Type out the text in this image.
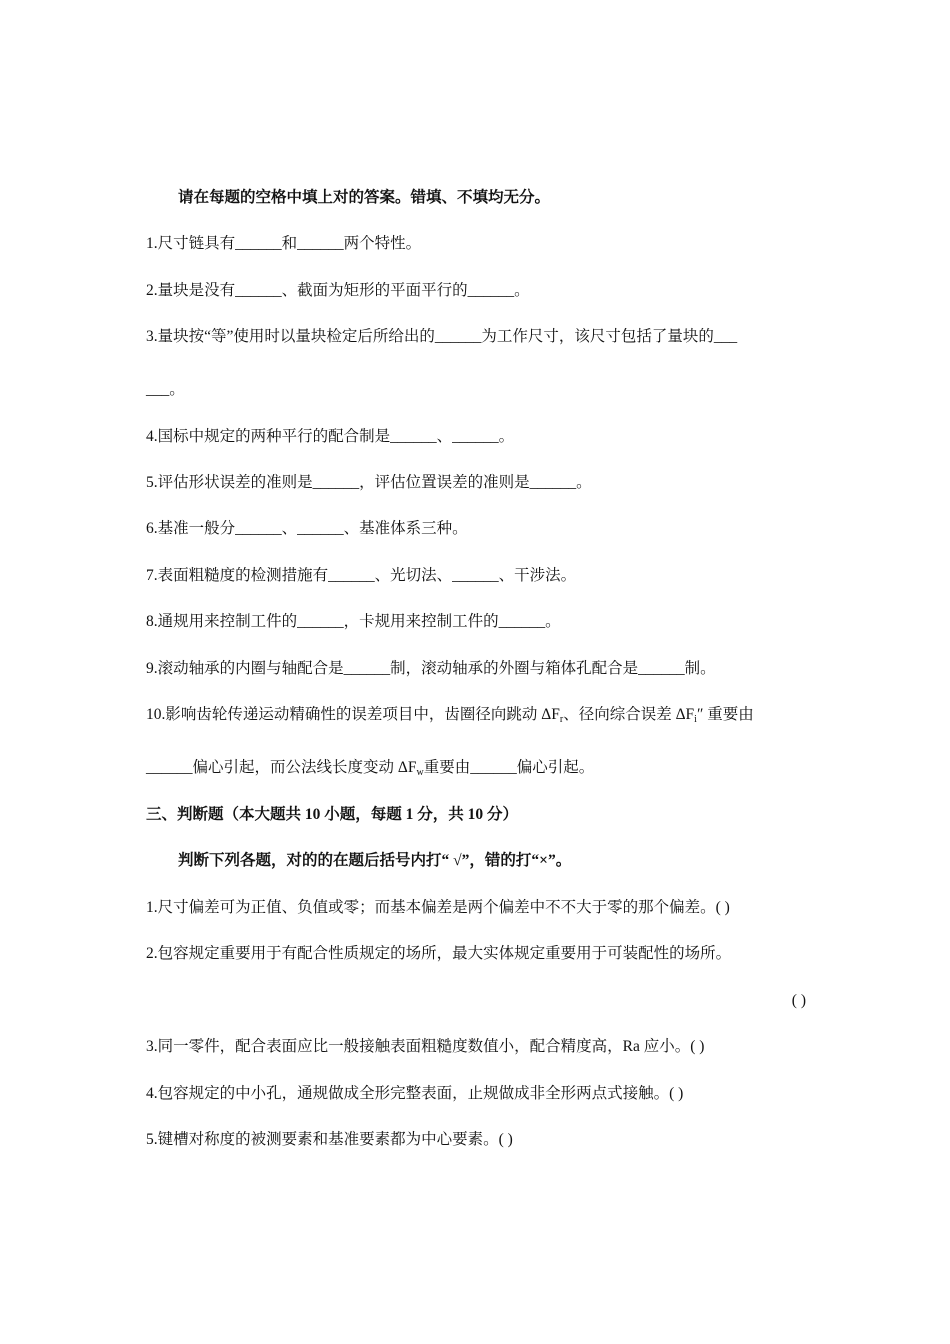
请在每题的空格中填上对的答案。错填、不填均无分。
1.尺寸链具有______和______两个特性。
2.量块是没有______、截面为矩形的平面平行的______。
3.量块按“等”使用时以量块检定后所给出的______为工作尺寸，该尺寸包括了量块的___
___。
4.国标中规定的两种平行的配合制是______、______。
5.评估形状误差的准则是______，评估位置误差的准则是______。
6.基准一般分______、______、基准体系三种。
7.表面粗糙度的检测措施有______、光切法、______、干涉法。
8.通规用来控制工件的______，卡规用来控制工件的______。
9.滚动轴承的内圈与轴配合是______制，滚动轴承的外圈与箱体孔配合是______制。
10.影响齿轮传递运动精确性的误差项目中，齿圈径向跳动 $\Delta F_r$、径向综合误差 $\Delta F_i''$ 重要由
______偏心引起，而公法线长度变动 $\Delta F_w$重要由______偏心引起。
三、判断题（本大题共 10 小题，每题 1 分，共 10 分）
判断下列各题，对的的在题后括号内打“ √”，错的打“×”。
1.尺寸偏差可为正值、负值或零；而基本偏差是两个偏差中不不大于零的那个偏差。( )
2.包容规定重要用于有配合性质规定的场所，最大实体规定重要用于可装配性的场所。
( )
3.同一零件，配合表面应比一般接触表面粗糙度数值小，配合精度高，Ra 应小。( )
4.包容规定的中小孔，通规做成全形完整表面，止规做成非全形两点式接触。( )
5.键槽对称度的被测要素和基准要素都为中心要素。( )
